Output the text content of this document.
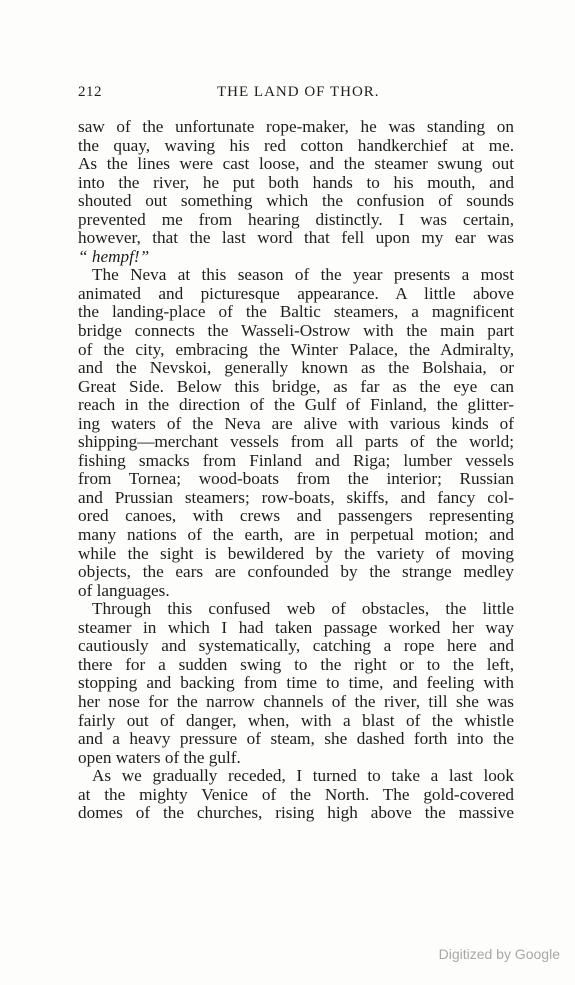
212	THE LAND OF THOR.
saw of the unfortunate rope-maker, he was standing on
the quay, waving his red cotton handkerchief at me.
As the lines were cast loose, and the steamer swung out
into the river, he put both hands to his mouth, and
shouted out something which the confusion of sounds
prevented me from hearing distinctly. I was certain,
however, that the last word that fell upon my ear was
“ hempf!”
The Neva at this season of the year presents a most
animated and picturesque appearance. A little above
the landing-place of the Baltic steamers, a magnificent
bridge connects the Wasseli-Ostrow with the main part
of the city, embracing the Winter Palace, the Admiralty,
and the Nevskoi, generally known as the Bolshaia, or
Great Side. Below this bridge, as far as the eye can
reach in the direction of the Gulf of Finland, the glitter-
ing waters of the Neva are alive with various kinds of
shipping—merchant vessels from all parts of the world;
fishing smacks from Finland and Riga; lumber vessels
from Tornea; wood-boats from the interior; Russian
and Prussian steamers; row-boats, skiffs, and fancy col-
ored canoes, with crews and passengers representing
many nations of the earth, are in perpetual motion; and
while the sight is bewildered by the variety of moving
objects, the ears are confounded by the strange medley
of languages.
Through this confused web of obstacles, the little
steamer in which I had taken passage worked her way
cautiously and systematically, catching a rope here and
there for a sudden swing to the right or to the left,
stopping and backing from time to time, and feeling with
her nose for the narrow channels of the river, till she was
fairly out of danger, when, with a blast of the whistle
and a heavy pressure of steam, she dashed forth into the
open waters of the gulf.
As we gradually receded, I turned to take a last look
at the mighty Venice of the North. The gold-covered
domes of the churches, rising high above the massive
Digitized by Google
